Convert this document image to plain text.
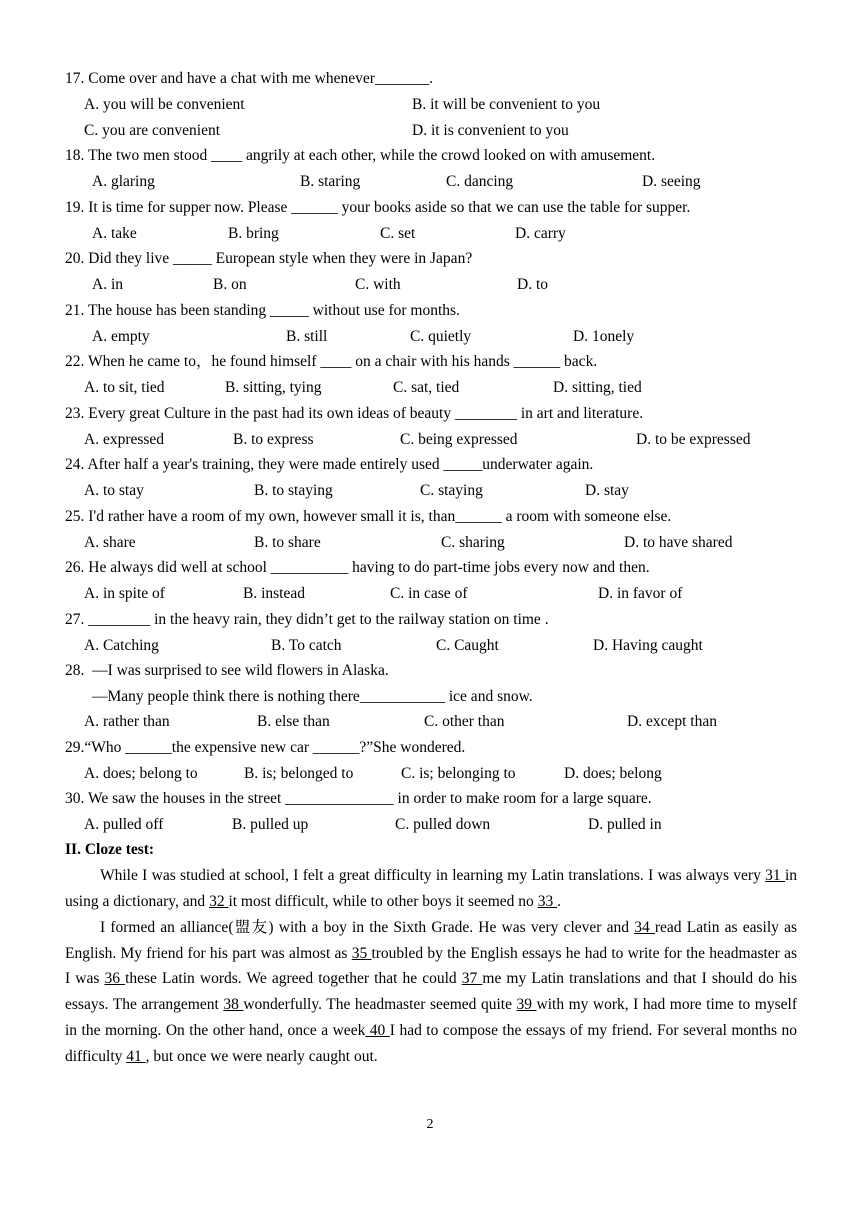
17. Come over and have a chat with me whenever_______.
A. you will be convenient	B. it will be convenient to you
C. you are convenient	D. it is convenient to you
18. The two men stood ____ angrily at each other, while the crowd looked on with amusement.
A. glaring	B. staring	C. dancing	D. seeing
19. It is time for supper now. Please ______ your books aside so that we can use the table for supper.
A. take	B. bring	C. set	D. carry
20. Did they live _____ European style when they were in Japan?
A. in	B. on	C. with	D. to
21. The house has been standing _____ without use for months.
A. empty	B. still	C. quietly	D. 1onely
22. When he came to，he found himself ____ on a chair with his hands ______ back.
A. to sit, tied	B. sitting, tying	C. sat, tied	D. sitting, tied
23. Every great Culture in the past had its own ideas of beauty ________ in art and literature.
A. expressed	B. to express	C. being expressed	D. to be expressed
24. After half a year's training, they were made entirely used _____underwater again.
A. to stay	B. to staying	C. staying	D. stay
25. I'd rather have a room of my own, however small it is, than______ a room with someone else.
A. share	B. to share	C. sharing	D. to have shared
26. He always did well at school __________ having to do part-time jobs every now and then.
A. in spite of	B. instead	C. in case of	D. in favor of
27. ________ in the heavy rain, they didn’t get to the railway station on time .
A. Catching	B. To catch	C. Caught	D. Having caught
28.  —I was surprised to see wild flowers in Alaska.
—Many people think there is nothing there___________ ice and snow.
A. rather than	B. else than	C. other than	D. except than
29.“Who ______the expensive new car ______?”She wondered.
A. does; belong to	B. is; belonged to	C. is; belonging to	D. does; belong
30. We saw the houses in the street ______________ in order to make room for a large square.
A. pulled off	B. pulled up	C. pulled down	D. pulled in
II. Cloze test:
While I was studied at school, I felt a great difficulty in learning my Latin translations. I was always very 31 in using a dictionary, and 32 it most difficult, while to other boys it seemed no 33 .
I formed an alliance(盟友) with a boy in the Sixth Grade. He was very clever and 34 read Latin as easily as English. My friend for his part was almost as 35 troubled by the English essays he had to write for the headmaster as I was 36 these Latin words. We agreed together that he could 37 me my Latin translations and that I should do his essays. The arrangement 38 wonderfully. The headmaster seemed quite 39 with my work, I had more time to myself in the morning. On the other hand, once a week 40 I had to compose the essays of my friend. For several months no difficulty 41 , but once we were nearly caught out.
2
